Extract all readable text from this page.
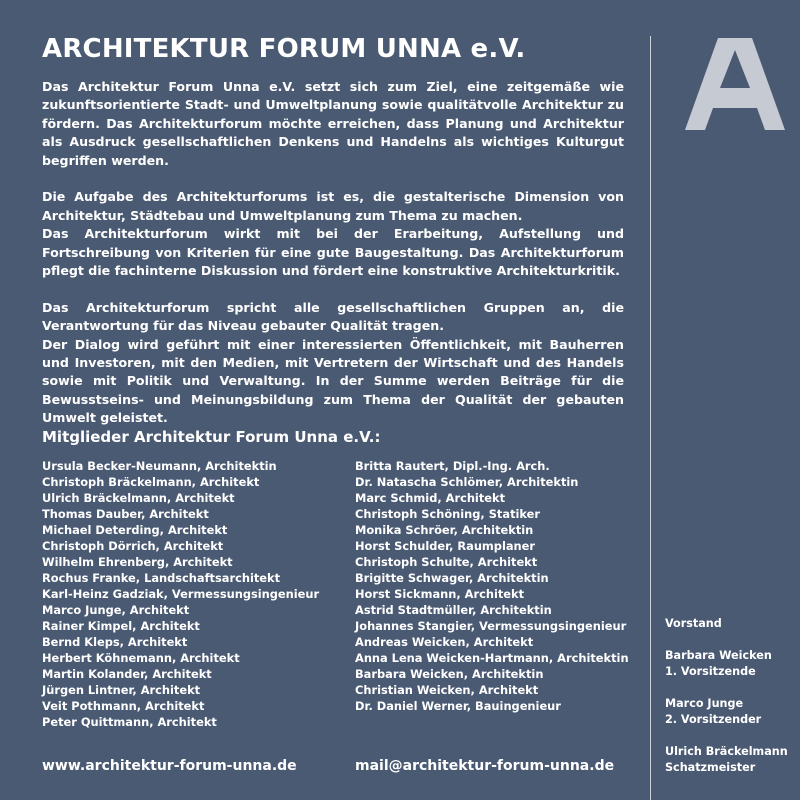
ARCHITEKTUR FORUM UNNA e.V.

Das Architektur Forum Unna e.V. setzt sich zum Ziel, eine zeitgemäße wie zukunftsorientierte Stadt- und Umweltplanung sowie qualitätvolle Architektur zu fördern. Das Architekturforum möchte erreichen, dass Planung und Architektur als Ausdruck gesellschaftlichen Denkens und Handelns als wichtiges Kulturgut begriffen werden.

Die Aufgabe des Architekturforums ist es, die gestalterische Dimension von Architektur, Städtebau und Umweltplanung zum Thema zu machen.

Das Architekturforum wirkt mit bei der Erarbeitung, Aufstellung und Fortschreibung von Kriterien für eine gute Baugestaltung. Das Architekturforum pflegt die fachinterne Diskussion und fördert eine konstruktive Architekturkritik.

Das Architekturforum spricht alle gesellschaftlichen Gruppen an, die Verantwortung für das Niveau gebauter Qualität tragen.

Der Dialog wird geführt mit einer interessierten Öffentlichkeit, mit Bauherren und Investoren, mit den Medien, mit Vertretern der Wirtschaft und des Handels sowie mit Politik und Verwaltung. In der Summe werden Beiträge für die Bewusstseins- und Meinungsbildung zum Thema der Qualität der gebauten Umwelt geleistet.

Mitglieder Architektur Forum Unna e.V.:
Ursula Becker-Neumann, Architektin
Christoph Bräckelmann, Architekt
Ulrich Bräckelmann, Architekt
Thomas Dauber, Architekt
Michael Deterding, Architekt
Christoph Dörrich, Architekt
Wilhelm Ehrenberg, Architekt
Rochus Franke, Landschaftsarchitekt
Karl-Heinz Gadziak, Vermessungsingenieur
Marco Junge, Architekt
Rainer Kimpel, Architekt
Bernd Kleps, Architekt
Herbert Köhnemann, Architekt
Martin Kolander, Architekt
Jürgen Lintner, Architekt
Veit Pothmann, Architekt
Peter Quittmann, Architekt
Britta Rautert, Dipl.-Ing. Arch.
Dr. Natascha Schlömer, Architektin
Marc Schmid, Architekt
Christoph Schöning, Statiker
Monika Schröer, Architektin
Horst Schulder, Raumplaner
Christoph Schulte, Architekt
Brigitte Schwager, Architektin
Horst Sickmann, Architekt
Astrid Stadtmüller, Architektin
Johannes Stangier, Vermessungsingenieur
Andreas Weicken, Architekt
Anna Lena Weicken-Hartmann, Architektin
Barbara Weicken, Architektin
Christian Weicken, Architekt
Dr. Daniel Werner, Bauingenieur
www.architektur-forum-unna.de	mail@architektur-forum-unna.de
Vorstand
Barbara Weicken
1. Vorsitzende
Marco Junge
2. Vorsitzender
Ulrich Bräckelmann
Schatzmeister
